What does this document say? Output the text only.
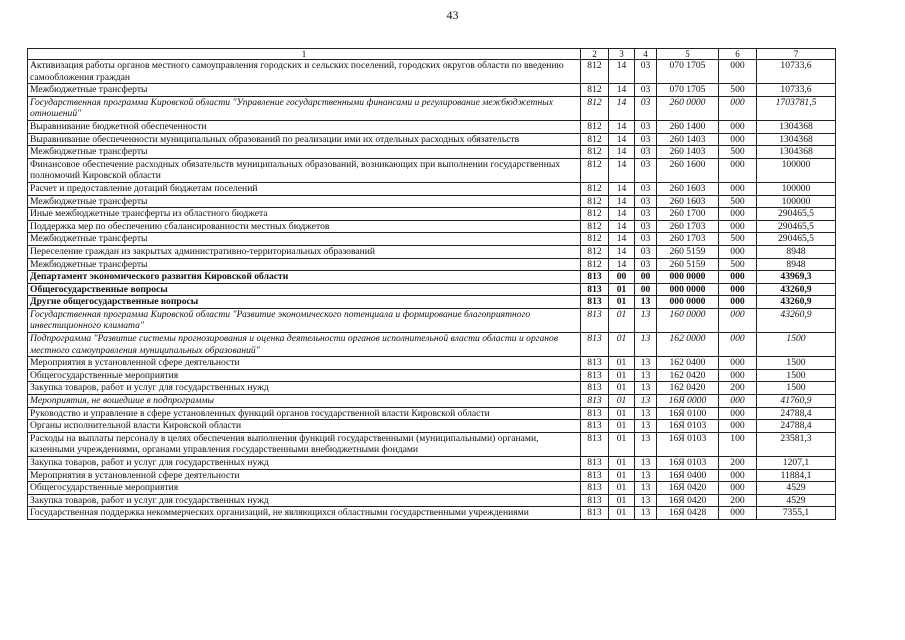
43
1	2	3	4	5	6	7
Активизация работы органов местного самоуправления городских и сельских поселений, городских округов области по введению самообложения граждан	812	14	03	070 1705	000	10733,6
Межбюджетные трансферты	812	14	03	070 1705	500	10733,6
Государственная программа Кировской области "Управление государственными финансами и регулирование межбюджетных отношений"	812	14	03	260 0000	000	1703781,5
Выравнивание бюджетной обеспеченности	812	14	03	260 1400	000	1304368
Выравнивание обеспеченности муниципальных образований по реализации ими их отдельных расходных обязательств	812	14	03	260 1403	000	1304368
Межбюджетные трансферты	812	14	03	260 1403	500	1304368
Финансовое обеспечение расходных обязательств муниципальных образований, возникающих при выполнении государственных полномочий Кировской области	812	14	03	260 1600	000	100000
Расчет и предоставление дотаций бюджетам поселений	812	14	03	260 1603	000	100000
Межбюджетные трансферты	812	14	03	260 1603	500	100000
Иные межбюджетные трансферты из областного бюджета	812	14	03	260 1700	000	290465,5
Поддержка мер по обеспечению сбалансированности местных бюджетов	812	14	03	260 1703	000	290465,5
Межбюджетные трансферты	812	14	03	260 1703	500	290465,5
Переселение граждан из закрытых административно-территориальных образований	812	14	03	260 5159	000	8948
Межбюджетные трансферты	812	14	03	260 5159	500	8948
Департамент экономического развития Кировской области	813	00	00	000 0000	000	43969,3
Общегосударственные вопросы	813	01	00	000 0000	000	43260,9
Другие общегосударственные вопросы	813	01	13	000 0000	000	43260,9
Государственная программа Кировской области "Развитие экономического потенциала и формирование благоприятного инвестиционного климата"	813	01	13	160 0000	000	43260,9
Подпрограмма "Развитие системы прогнозирования и оценка деятельности органов исполнительной власти области и органов местного самоуправления муниципальных образований"	813	01	13	162 0000	000	1500
Мероприятия в установленной сфере деятельности	813	01	13	162 0400	000	1500
Общегосударственные мероприятия	813	01	13	162 0420	000	1500
Закупка товаров, работ и услуг для государственных нужд	813	01	13	162 0420	200	1500
Мероприятия, не вошедшие в подпрограммы	813	01	13	16Я 0000	000	41760,9
Руководство и управление в сфере установленных функций органов государственной власти Кировской области	813	01	13	16Я 0100	000	24788,4
Органы исполнительной власти Кировской области	813	01	13	16Я 0103	000	24788,4
Расходы на выплаты персоналу в целях обеспечения выполнения функций государственными (муниципальными) органами, казенными учреждениями, органами управления государственными внебюджетными фондами	813	01	13	16Я 0103	100	23581,3
Закупка товаров, работ и услуг для государственных нужд	813	01	13	16Я 0103	200	1207,1
Мероприятия в установленной сфере деятельности	813	01	13	16Я 0400	000	11884,1
Общегосударственные мероприятия	813	01	13	16Я 0420	000	4529
Закупка товаров, работ и услуг для государственных нужд	813	01	13	16Я 0420	200	4529
Государственная поддержка некоммерческих организаций, не являющихся областными государственными учреждениями	813	01	13	16Я 0428	000	7355,1
